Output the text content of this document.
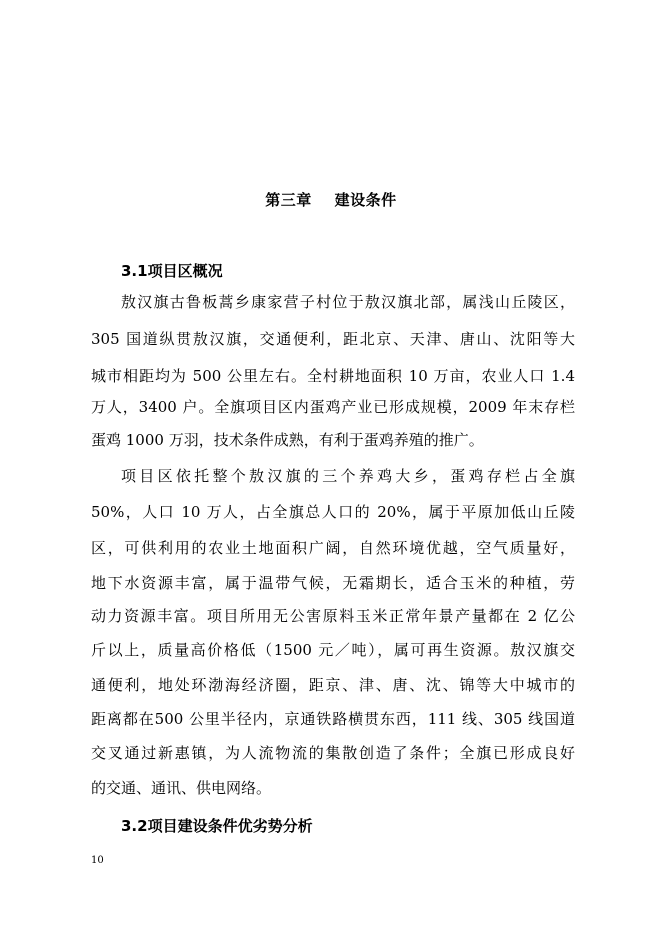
第三章    建设条件
3.1项目区概况
敖汉旗古鲁板蒿乡康家营子村位于敖汉旗北部，属浅山丘陵区，
305 国道纵贯敖汉旗，交通便利，距北京、天津、唐山、沈阳等大
城市相距均为 500 公里左右。全村耕地面积 10 万亩，农业人口 1.4
万人，3400 户。全旗项目区内蛋鸡产业已形成规模，2009 年末存栏
蛋鸡 1000 万羽，技术条件成熟，有利于蛋鸡养殖的推广。
项目区依托整个敖汉旗的三个养鸡大乡，蛋鸡存栏占全旗
50%，人口 10 万人，占全旗总人口的 20%，属于平原加低山丘陵
区，可供利用的农业土地面积广阔，自然环境优越，空气质量好，
地下水资源丰富，属于温带气候，无霜期长，适合玉米的种植，劳
动力资源丰富。项目所用无公害原料玉米正常年景产量都在 2 亿公
斤以上，质量高价格低（1500 元／吨），属可再生资源。敖汉旗交
通便利，地处环渤海经济圈，距京、津、唐、沈、锦等大中城市的
距离都在500 公里半径内，京通铁路横贯东西，111 线、305 线国道
交叉通过新惠镇，为人流物流的集散创造了条件；全旗已形成良好
的交通、通讯、供电网络。
3.2项目建设条件优劣势分析
10
